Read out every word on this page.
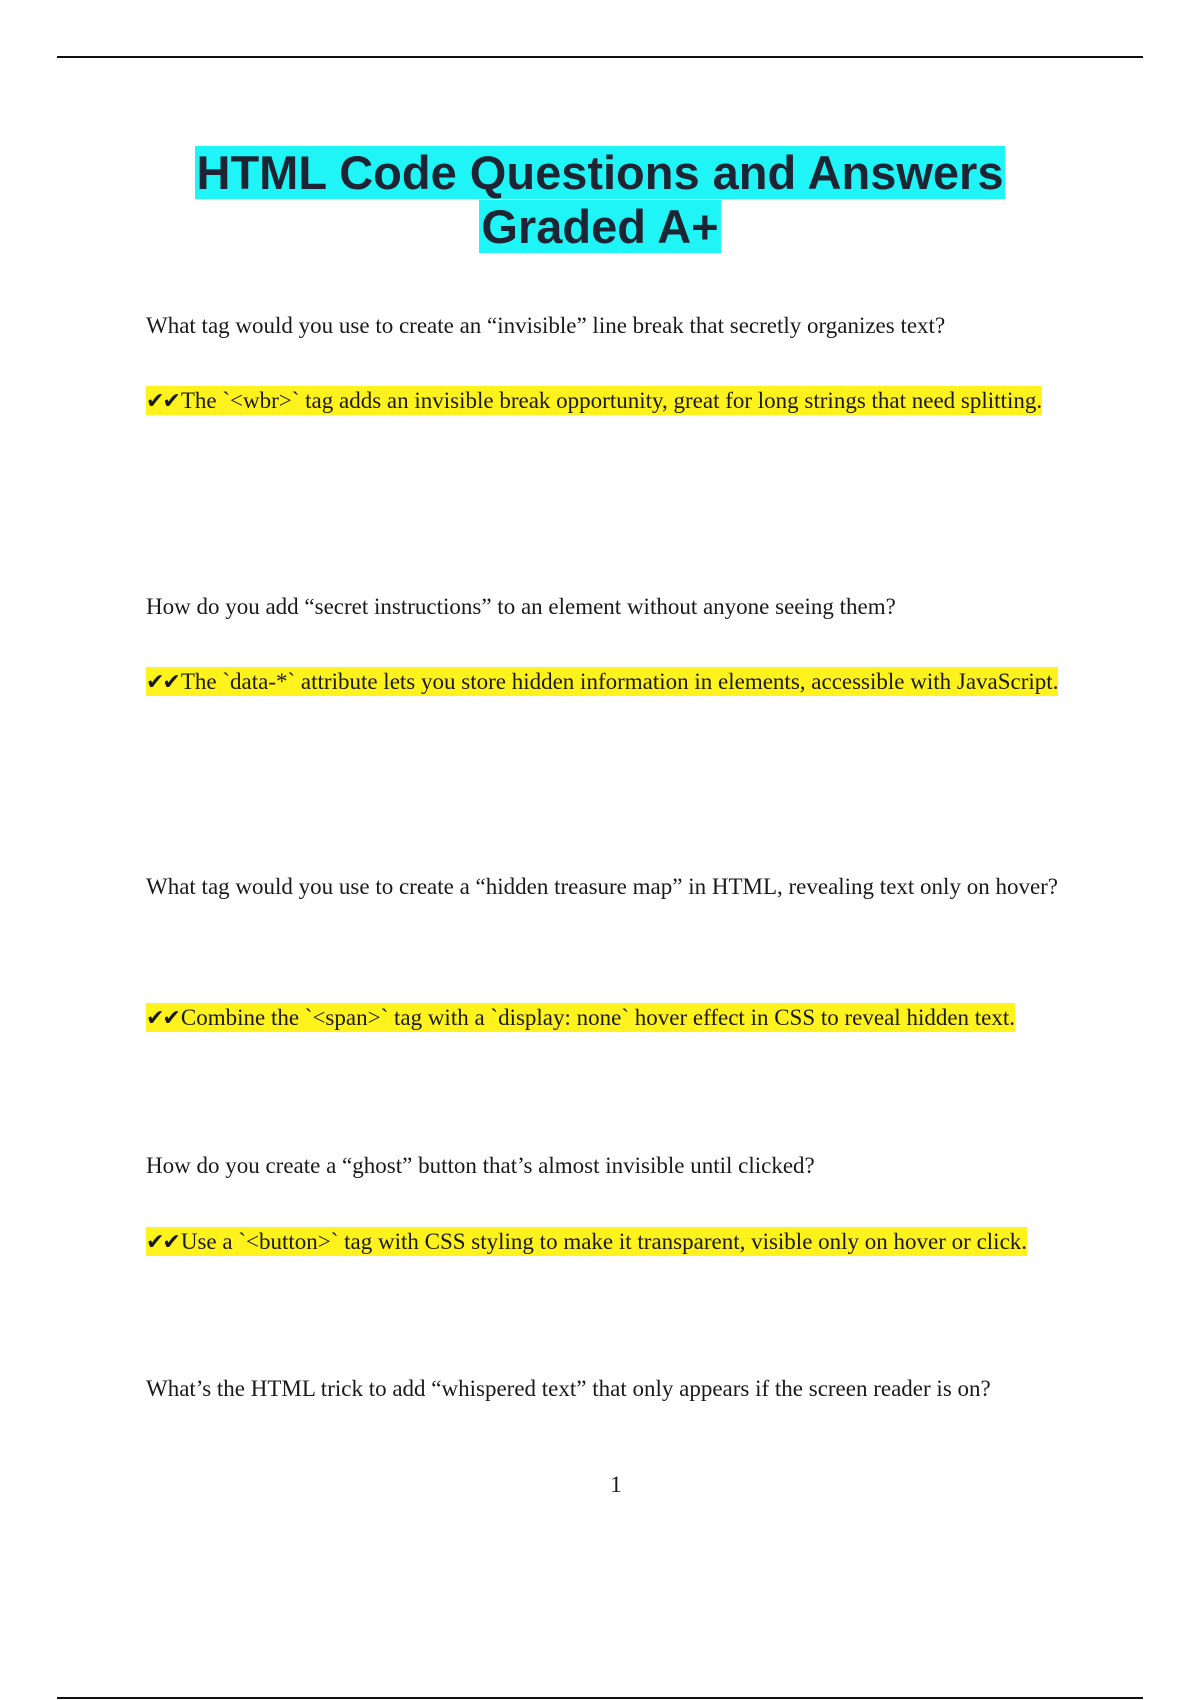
HTML Code Questions and Answers
Graded A+

What tag would you use to create an “invisible” line break that secretly organizes text?

✔✔The `<wbr>` tag adds an invisible break opportunity, great for long strings that need splitting.

How do you add “secret instructions” to an element without anyone seeing them?

✔✔The `data-*` attribute lets you store hidden information in elements, accessible with JavaScript.

What tag would you use to create a “hidden treasure map” in HTML, revealing text only on hover?

✔✔Combine the `<span>` tag with a `display: none` hover effect in CSS to reveal hidden text.

How do you create a “ghost” button that’s almost invisible until clicked?

✔✔Use a `<button>` tag with CSS styling to make it transparent, visible only on hover or click.

What’s the HTML trick to add “whispered text” that only appears if the screen reader is on?

1
